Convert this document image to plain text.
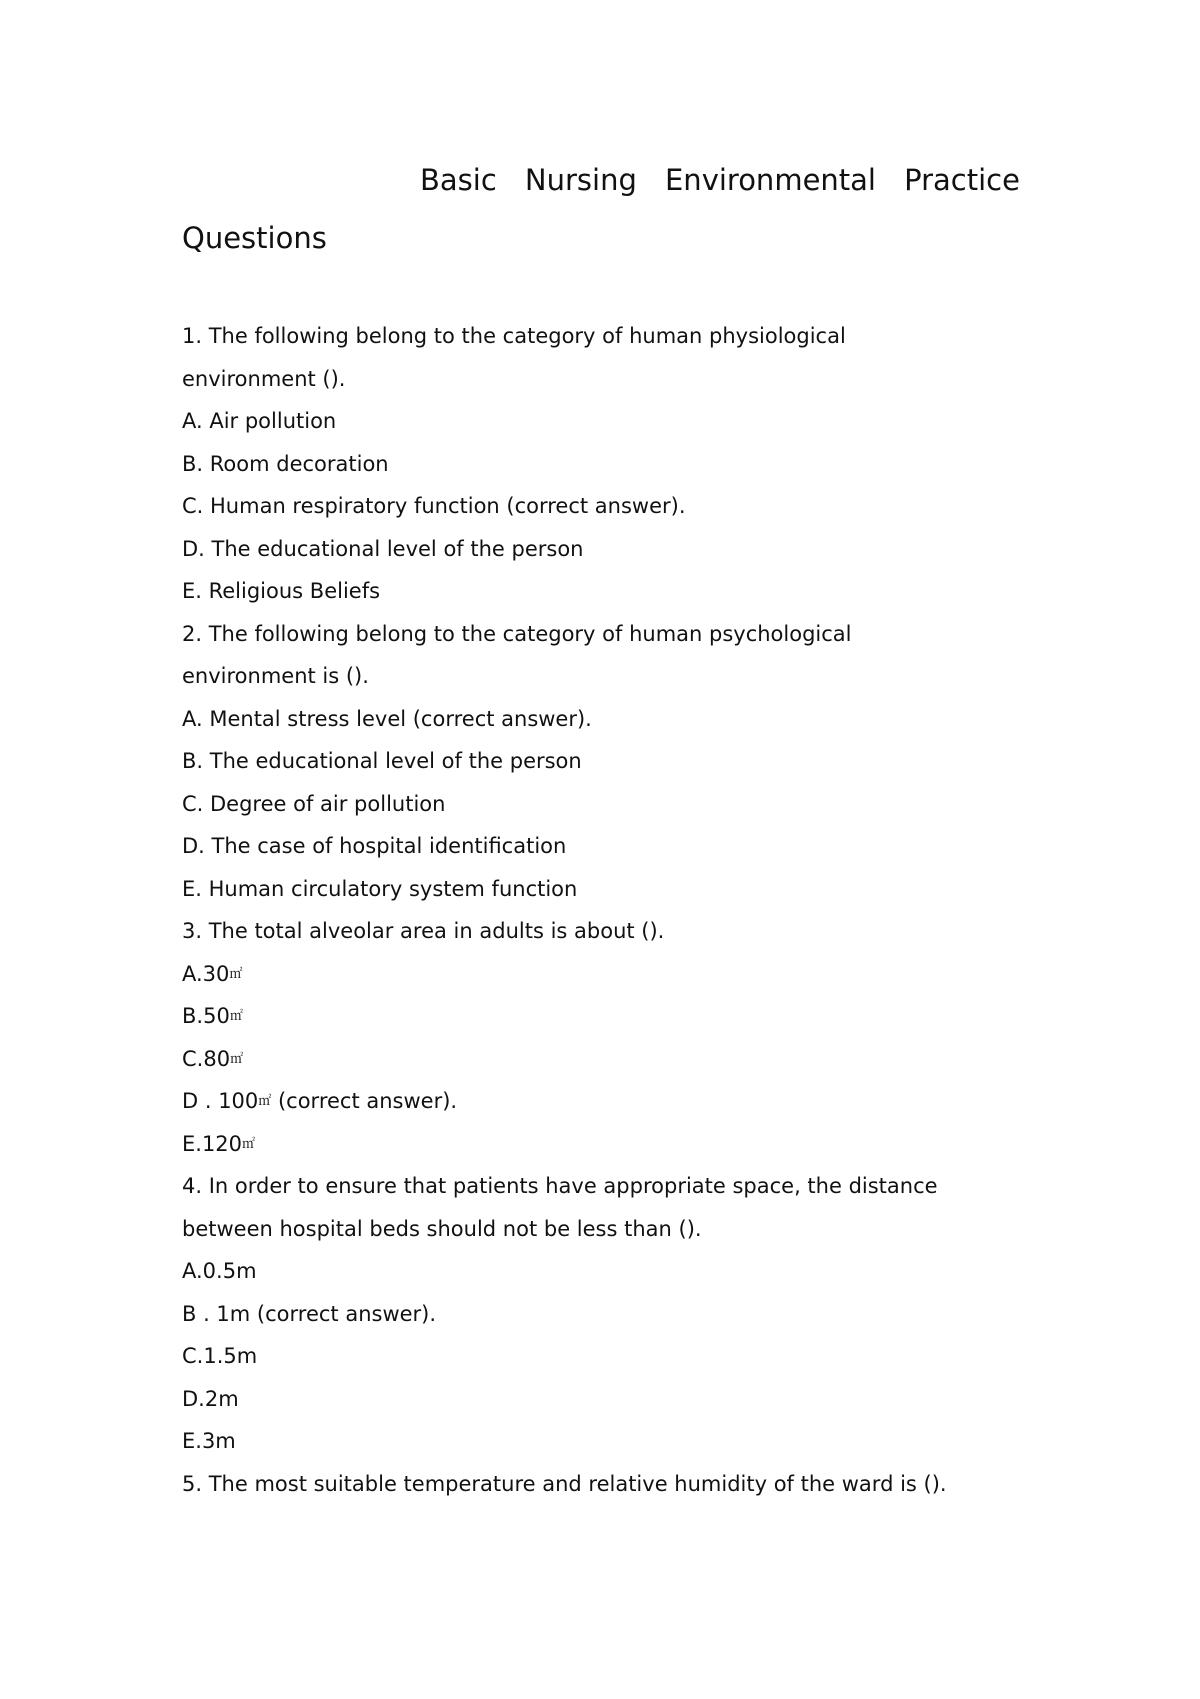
Basic Nursing Environmental Practice
Questions
1. The following belong to the category of human physiological
environment ().
A. Air pollution
B. Room decoration
C. Human respiratory function (correct answer).
D. The educational level of the person
E. Religious Beliefs
2. The following belong to the category of human psychological
environment is ().
A. Mental stress level (correct answer).
B. The educational level of the person
C. Degree of air pollution
D. The case of hospital identification
E. Human circulatory system function
3. The total alveolar area in adults is about ().
A.30㎡
B.50㎡
C.80㎡
D . 100㎡ (correct answer).
E.120㎡
4. In order to ensure that patients have appropriate space, the distance
between hospital beds should not be less than ().
A.0.5m
B . 1m (correct answer).
C.1.5m
D.2m
E.3m
5. The most suitable temperature and relative humidity of the ward is ().
